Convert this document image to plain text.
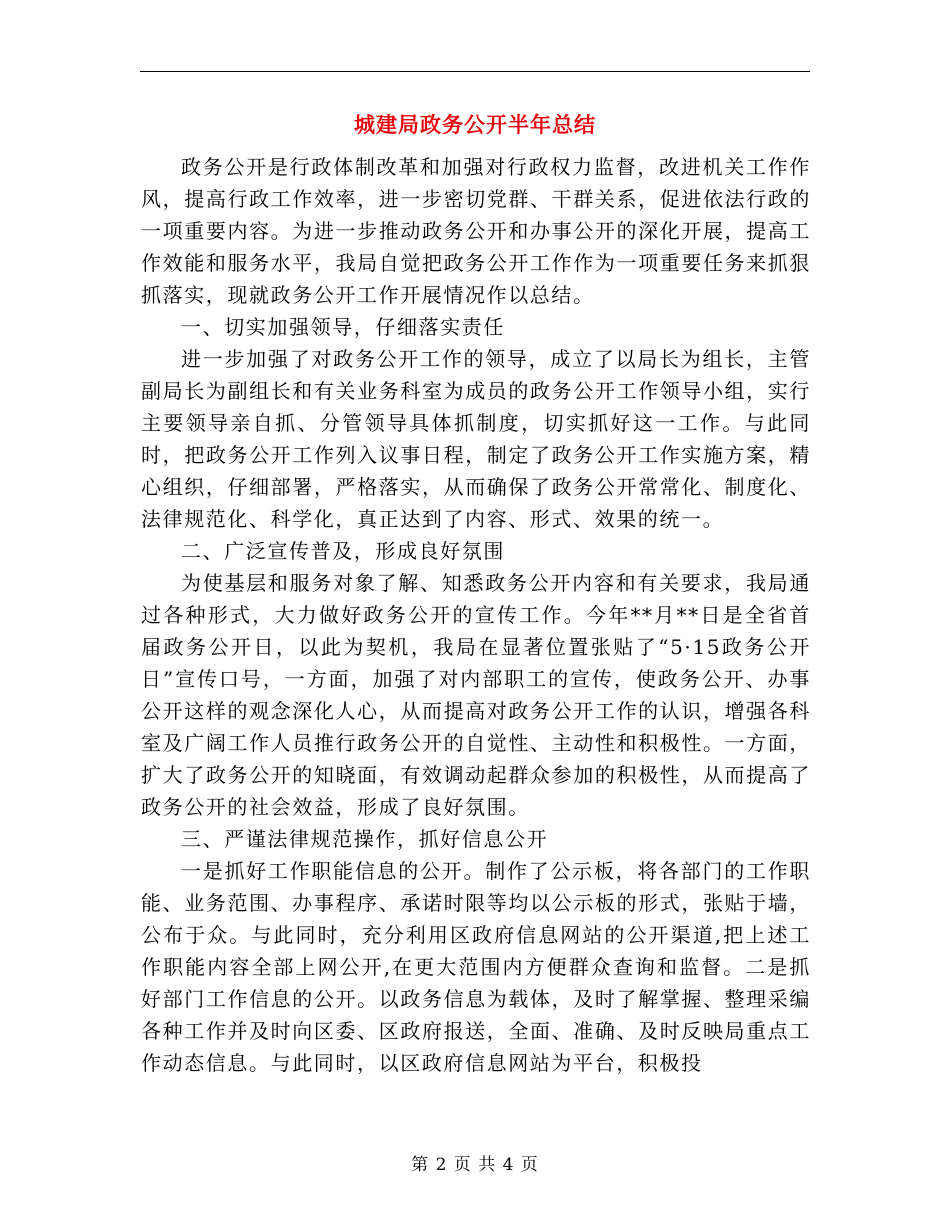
城建局政务公开半年总结

政务公开是行政体制改革和加强对行政权力监督，改进机关工作作风，提高行政工作效率，进一步密切党群、干群关系，促进依法行政的一项重要内容。为进一步推动政务公开和办事公开的深化开展，提高工作效能和服务水平，我局自觉把政务公开工作作为一项重要任务来抓狠抓落实，现就政务公开工作开展情况作以总结。

一、切实加强领导，仔细落实责任

进一步加强了对政务公开工作的领导，成立了以局长为组长，主管副局长为副组长和有关业务科室为成员的政务公开工作领导小组，实行主要领导亲自抓、分管领导具体抓制度，切实抓好这一工作。与此同时，把政务公开工作列入议事日程，制定了政务公开工作实施方案，精心组织，仔细部署，严格落实，从而确保了政务公开常常化、制度化、法律规范化、科学化，真正达到了内容、形式、效果的统一。

二、广泛宣传普及，形成良好氛围

为使基层和服务对象了解、知悉政务公开内容和有关要求，我局通过各种形式，大力做好政务公开的宣传工作。今年**月**日是全省首届政务公开日，以此为契机，我局在显著位置张贴了“5·15政务公开日”宣传口号，一方面，加强了对内部职工的宣传，使政务公开、办事公开这样的观念深化人心，从而提高对政务公开工作的认识，增强各科室及广阔工作人员推行政务公开的自觉性、主动性和积极性。一方面，扩大了政务公开的知晓面，有效调动起群众参加的积极性，从而提高了政务公开的社会效益，形成了良好氛围。

三、严谨法律规范操作，抓好信息公开

一是抓好工作职能信息的公开。制作了公示板，将各部门的工作职能、业务范围、办事程序、承诺时限等均以公示板的形式，张贴于墙，公布于众。与此同时，充分利用区政府信息网站的公开渠道,把上述工作职能内容全部上网公开,在更大范围内方便群众查询和监督。二是抓好部门工作信息的公开。以政务信息为载体，及时了解掌握、整理采编各种工作并及时向区委、区政府报送，全面、准确、及时反映局重点工作动态信息。与此同时，以区政府信息网站为平台，积极投

第 2 页 共 4 页
